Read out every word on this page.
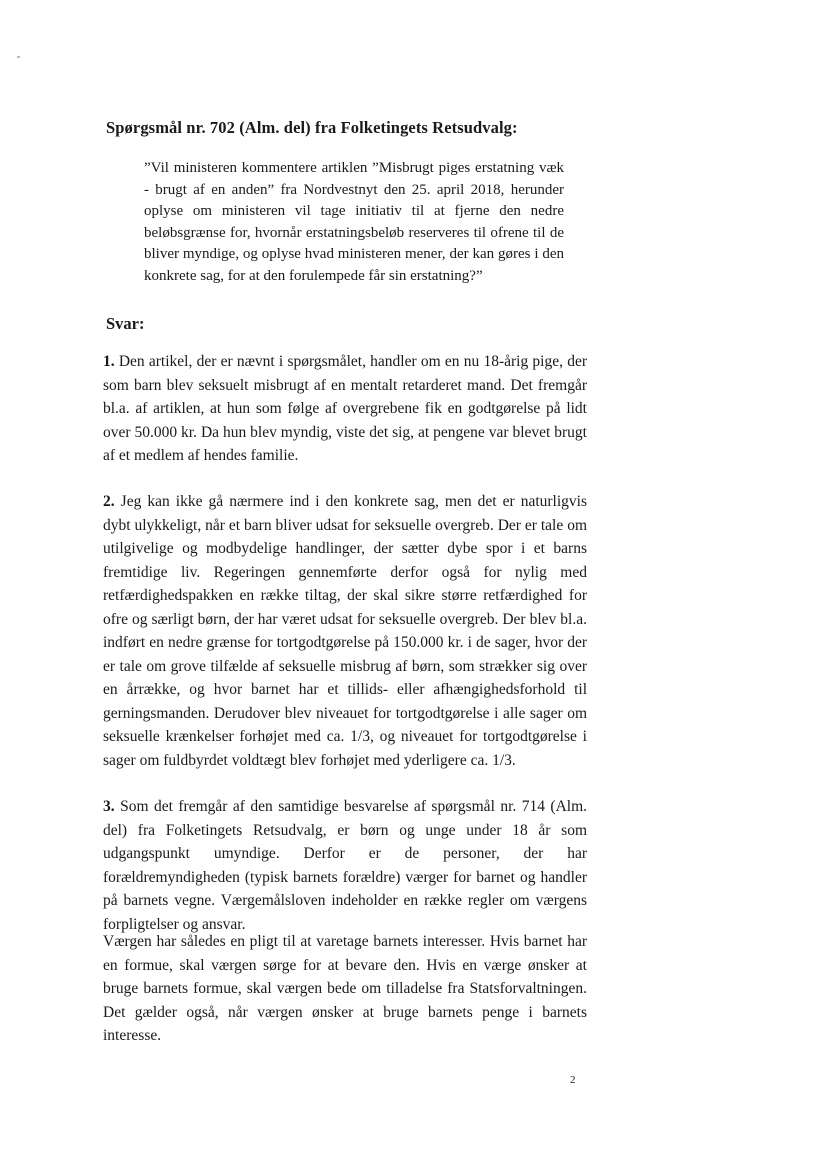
Spørgsmål nr. 702 (Alm. del) fra Folketingets Retsudvalg:
”Vil ministeren kommentere artiklen ”Misbrugt piges erstatning væk - brugt af en anden” fra Nordvestnyt den 25. april 2018, herunder oplyse om ministeren vil tage initiativ til at fjerne den nedre beløbsgrænse for, hvornår erstatningsbeløb reserveres til ofrene til de bliver myndige, og oplyse hvad ministeren mener, der kan gøres i den konkrete sag, for at den forulempede får sin erstatning?”
Svar:
1. Den artikel, der er nævnt i spørgsmålet, handler om en nu 18-årig pige, der som barn blev seksuelt misbrugt af en mentalt retarderet mand. Det fremgår bl.a. af artiklen, at hun som følge af overgrebene fik en godtgørelse på lidt over 50.000 kr. Da hun blev myndig, viste det sig, at pengene var blevet brugt af et medlem af hendes familie.
2. Jeg kan ikke gå nærmere ind i den konkrete sag, men det er naturligvis dybt ulykkeligt, når et barn bliver udsat for seksuelle overgreb. Der er tale om utilgivelige og modbydelige handlinger, der sætter dybe spor i et barns fremtidige liv. Regeringen gennemførte derfor også for nylig med retfærdighedspakken en række tiltag, der skal sikre større retfærdighed for ofre og særligt børn, der har været udsat for seksuelle overgreb. Der blev bl.a. indført en nedre grænse for tortgodtgørelse på 150.000 kr. i de sager, hvor der er tale om grove tilfælde af seksuelle misbrug af børn, som strækker sig over en årrække, og hvor barnet har et tillids- eller afhængighedsforhold til gerningsmanden. Derudover blev niveauet for tortgodtgørelse i alle sager om seksuelle krænkelser forhøjet med ca. 1/3, og niveauet for tortgodtgørelse i sager om fuldbyrdet voldtægt blev forhøjet med yderligere ca. 1/3.
3. Som det fremgår af den samtidige besvarelse af spørgsmål nr. 714 (Alm. del) fra Folketingets Retsudvalg, er børn og unge under 18 år som udgangspunkt umyndige. Derfor er de personer, der har forældremyndigheden (typisk barnets forældre) værger for barnet og handler på barnets vegne. Værgemålsloven indeholder en række regler om værgens forpligtelser og ansvar.
Værgen har således en pligt til at varetage barnets interesser. Hvis barnet har en formue, skal værgen sørge for at bevare den. Hvis en værge ønsker at bruge barnets formue, skal værgen bede om tilladelse fra Statsforvaltningen. Det gælder også, når værgen ønsker at bruge barnets penge i barnets interesse.
2
